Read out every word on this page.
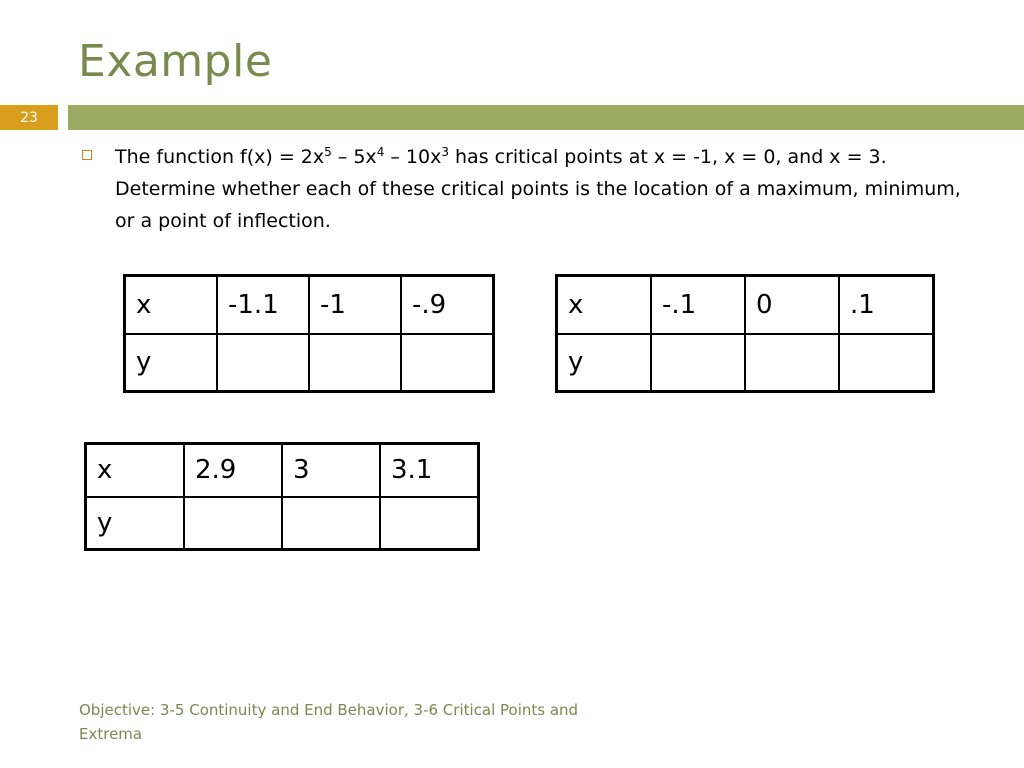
Example
23

The function $f(x) = 2x^5 - 5x^4 - 10x^3$ has critical points at x = -1, x = 0, and x = 3. Determine whether each of these critical points is the location of a maximum, minimum, or a point of inflection.

x	-1.1	-1	-.9
y			
x	-.1	0	.1
y			
x	2.9	3	3.1
y			

Objective: 3-5 Continuity and End Behavior, 3-6 Critical Points and Extrema
